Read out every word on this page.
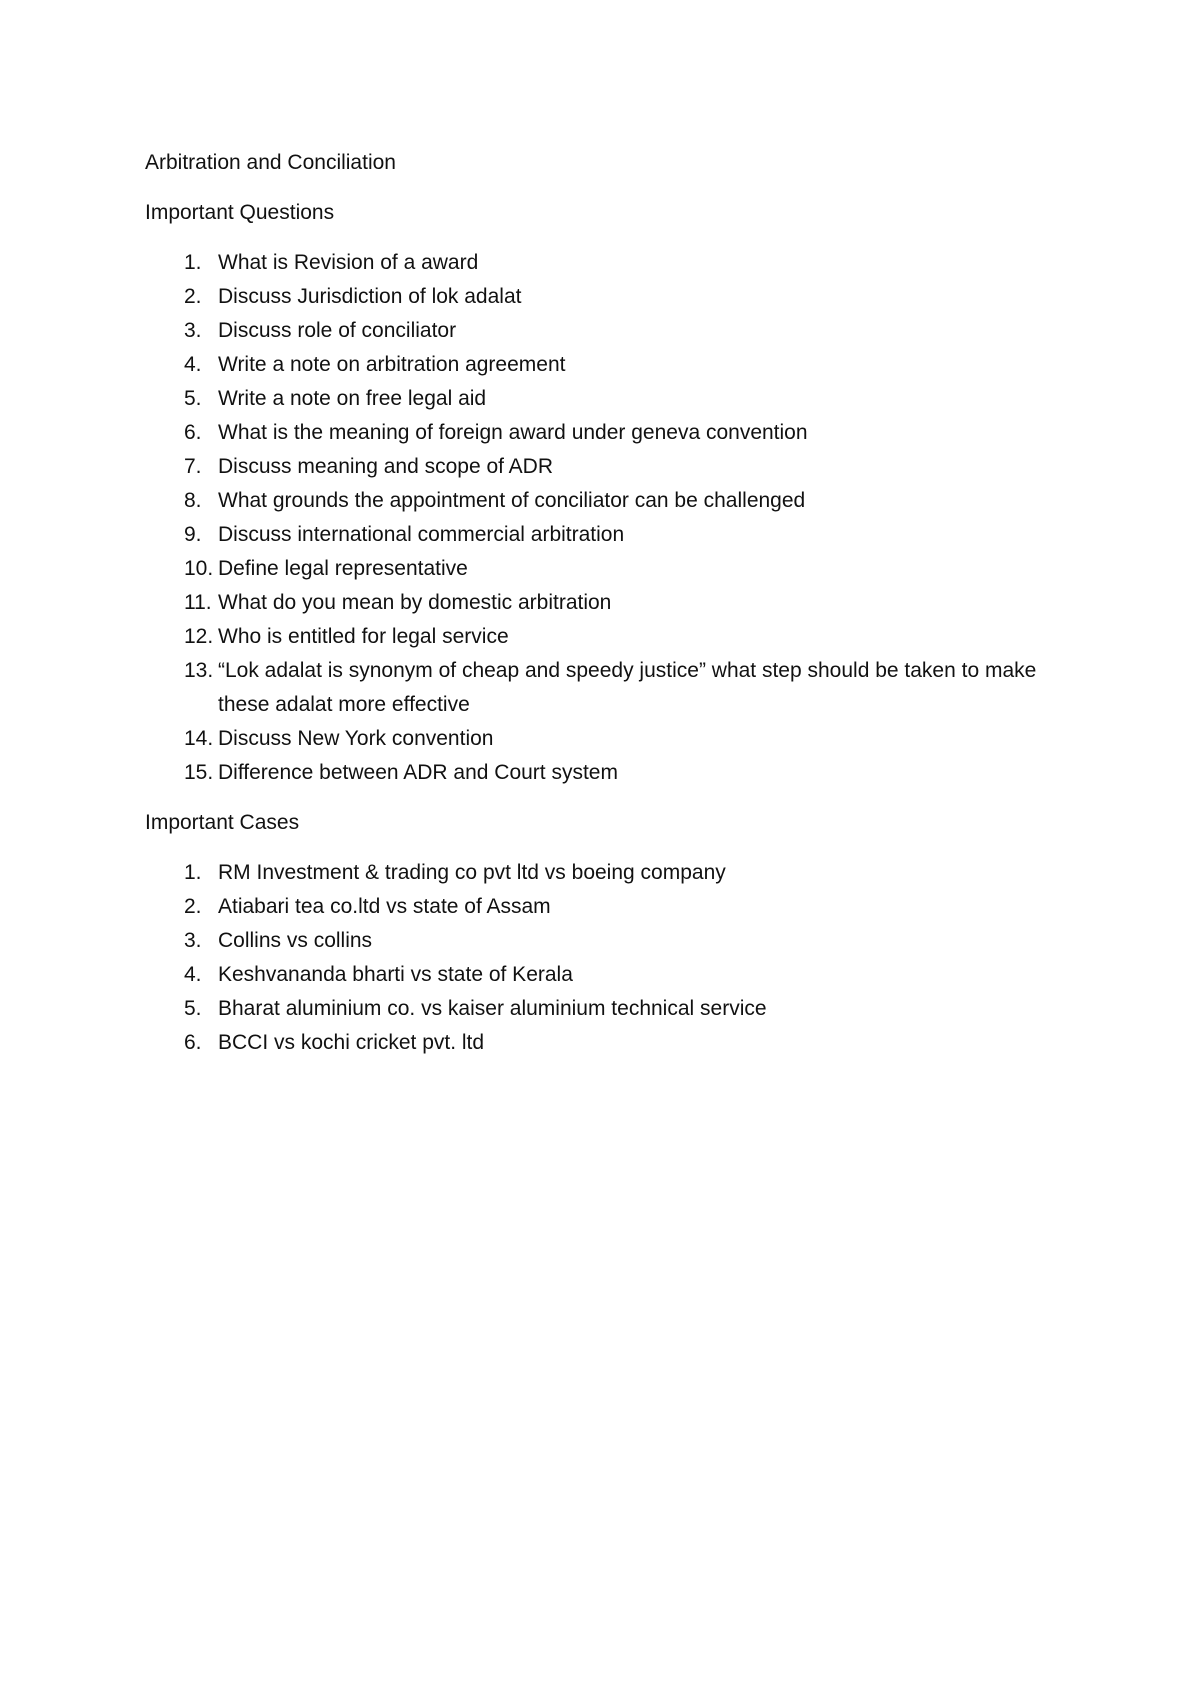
Arbitration and Conciliation

Important Questions

1. What is Revision of a award
2. Discuss Jurisdiction of lok adalat
3. Discuss role of conciliator
4. Write a note on arbitration agreement
5. Write a note on free legal aid
6. What is the meaning of foreign award under geneva convention
7. Discuss meaning and scope of ADR
8. What grounds the appointment of conciliator can be challenged
9. Discuss international commercial arbitration
10. Define legal representative
11. What do you mean by domestic arbitration
12. Who is entitled for legal service
13. “Lok adalat is synonym of cheap and speedy justice” what step should be taken to make these adalat more effective
14. Discuss New York convention
15. Difference between ADR and Court system

Important Cases

1. RM Investment & trading co pvt ltd vs boeing company
2. Atiabari tea co.ltd vs state of Assam
3. Collins vs collins
4. Keshvananda bharti vs state of Kerala
5. Bharat aluminium co. vs kaiser aluminium technical service
6. BCCI vs kochi cricket pvt. ltd
